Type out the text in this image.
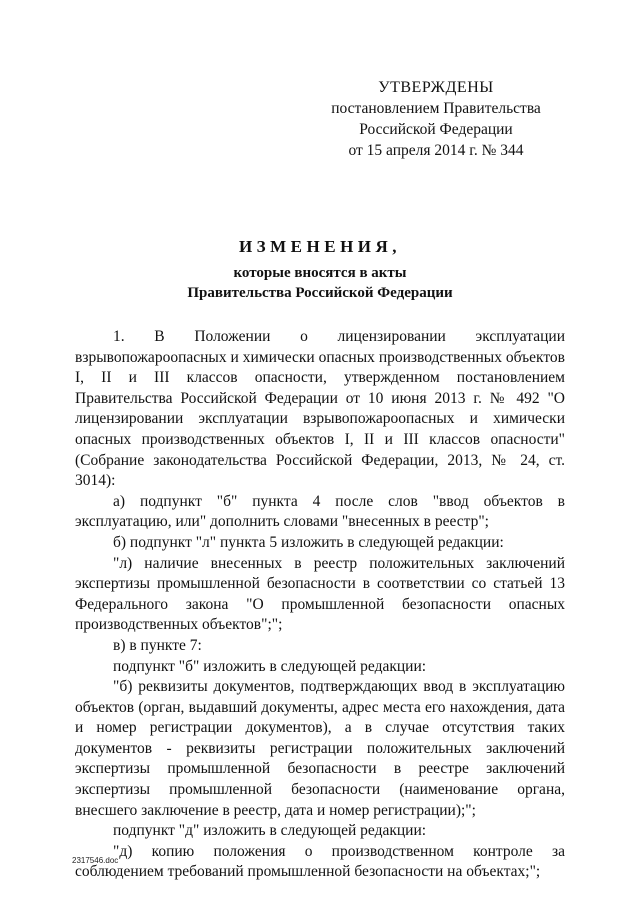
УТВЕРЖДЕНЫ
постановлением Правительства
Российской Федерации
от 15 апреля 2014 г. № 344
ИЗМЕНЕНИЯ,
которые вносятся в акты
Правительства Российской Федерации

1. В Положении о лицензировании эксплуатации взрывопожароопасных и химически опасных производственных объектов I, II и III классов опасности, утвержденном постановлением Правительства Российской Федерации от 10 июня 2013 г. № 492 "О лицензировании эксплуатации взрывопожароопасных и химически опасных производственных объектов I, II и III классов опасности" (Собрание законодательства Российской Федерации, 2013, № 24, ст. 3014):

а) подпункт "б" пункта 4 после слов "ввод объектов в эксплуатацию, или" дополнить словами "внесенных в реестр";

б) подпункт "л" пункта 5 изложить в следующей редакции:

"л) наличие внесенных в реестр положительных заключений экспертизы промышленной безопасности в соответствии со статьей 13 Федерального закона "О промышленной безопасности опасных производственных объектов";";

в) в пункте 7:

подпункт "б" изложить в следующей редакции:

"б) реквизиты документов, подтверждающих ввод в эксплуатацию объектов (орган, выдавший документы, адрес места его нахождения, дата и номер регистрации документов), а в случае отсутствия таких документов - реквизиты регистрации положительных заключений экспертизы промышленной безопасности в реестре заключений экспертизы промышленной безопасности (наименование органа, внесшего заключение в реестр, дата и номер регистрации);";

подпункт "д" изложить в следующей редакции:

"д) копию положения о производственном контроле за соблюдением требований промышленной безопасности на объектах;";

2317546.doc
